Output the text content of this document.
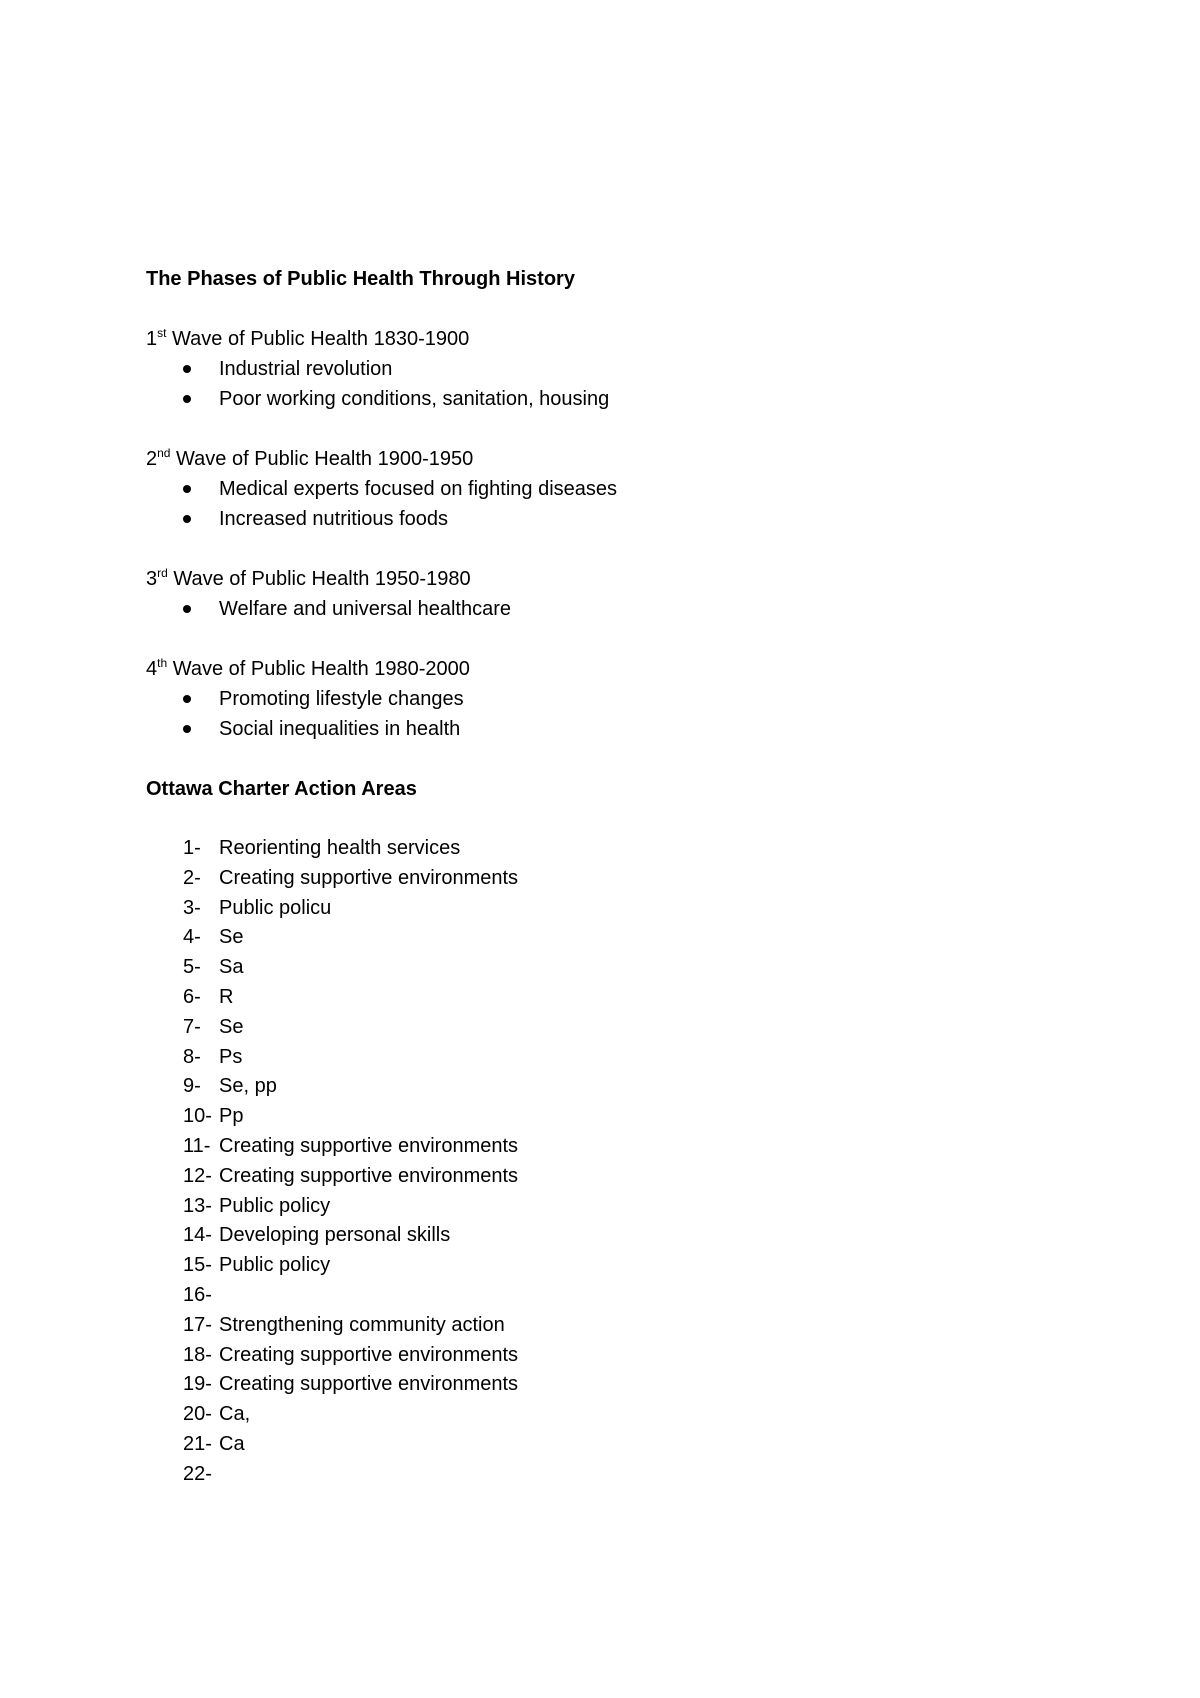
The Phases of Public Health Through History
1st Wave of Public Health 1830-1900
Industrial revolution
Poor working conditions, sanitation, housing
2nd Wave of Public Health 1900-1950
Medical experts focused on fighting diseases
Increased nutritious foods
3rd Wave of Public Health 1950-1980
Welfare and universal healthcare
4th Wave of Public Health 1980-2000
Promoting lifestyle changes
Social inequalities in health
Ottawa Charter Action Areas
1- Reorienting health services
2- Creating supportive environments
3- Public policu
4- Se
5- Sa
6- R
7- Se
8- Ps
9- Se, pp
10- Pp
11- Creating supportive environments
12- Creating supportive environments
13- Public policy
14- Developing personal skills
15- Public policy
16-
17- Strengthening community action
18- Creating supportive environments
19- Creating supportive environments
20- Ca,
21- Ca
22-
